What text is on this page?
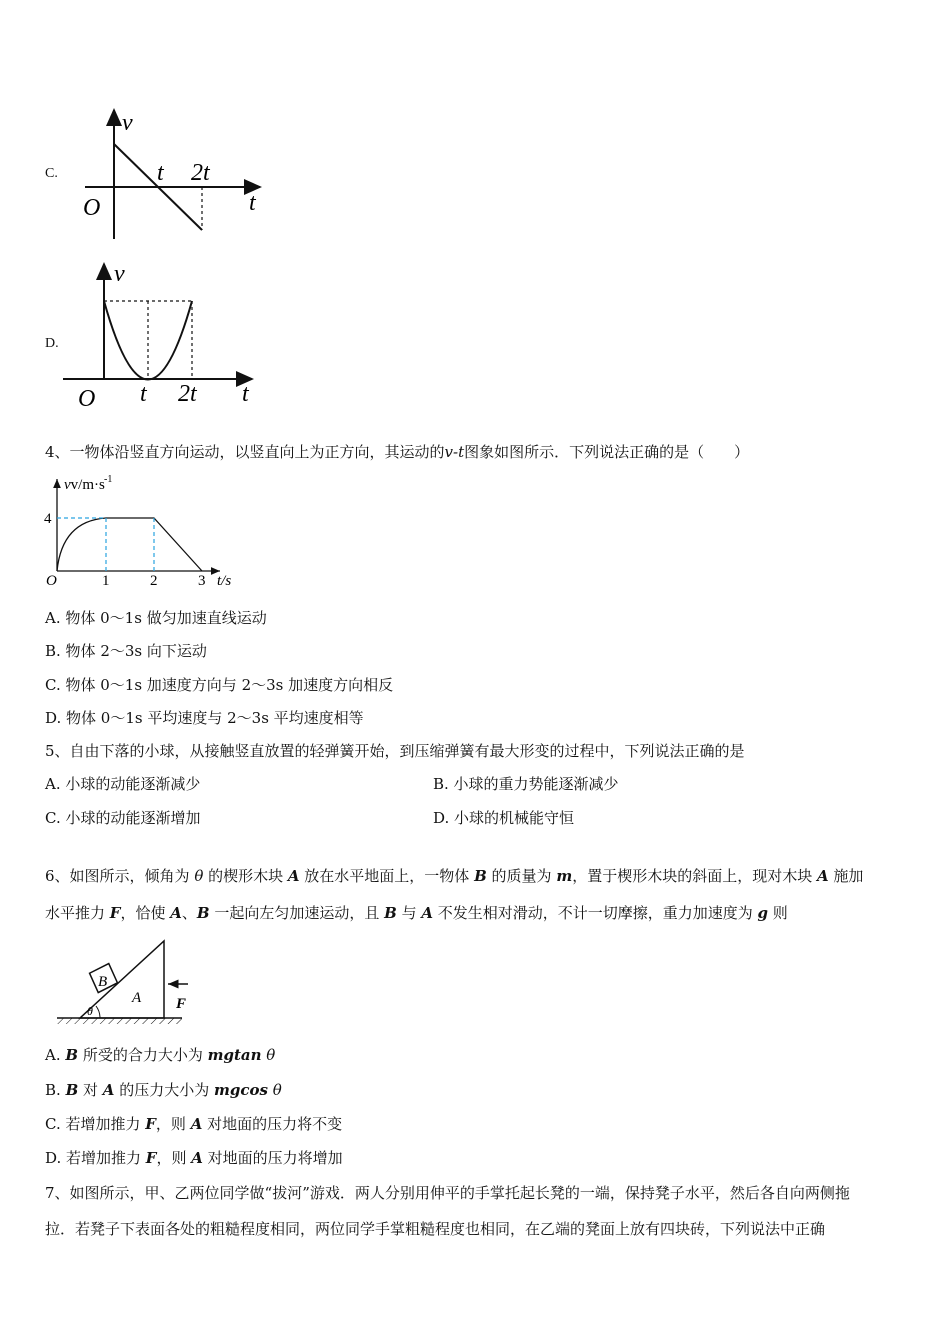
C.
v
O
t 2t
t
D.
v
O t 2t t
4、一物体沿竖直方向运动，以竖直向上为正方向，其运动的v-t图象如图所示．下列说法正确的是（　　）
vv/m·s -1
4
O	1	2	3 t/s
A. 物体 0～1s 做匀加速直线运动
B. 物体 2～3s 向下运动
C. 物体 0～1s 加速度方向与 2～3s 加速度方向相反
D. 物体 0～1s 平均速度与 2～3s 平均速度相等
5、自由下落的小球，从接触竖直放置的轻弹簧开始，到压缩弹簧有最大形变的过程中，下列说法正确的是
A. 小球的动能逐渐减少	B. 小球的重力势能逐渐减少
C. 小球的动能逐渐增加	D. 小球的机械能守恒
6、如图所示，倾角为 θ 的楔形木块 A 放在水平地面上，一物体 B 的质量为 m，置于楔形木块的斜面上，现对木块 A 施加
水平推力 F，恰使 A、B 一起向左匀加速运动，且 B 与 A 不发生相对滑动，不计一切摩擦，重力加速度为 g 则
B
A F
θ
A. B 所受的合力大小为 mgtan θ
B. B 对 A 的压力大小为 mgcos θ
C. 若增加推力 F，则 A 对地面的压力将不变
D. 若增加推力 F，则 A 对地面的压力将增加
7、如图所示，甲、乙两位同学做“拔河”游戏．两人分别用伸平的手掌托起长凳的一端，保持凳子水平，然后各自向两侧拖
拉．若凳子下表面各处的粗糙程度相同，两位同学手掌粗糙程度也相同，在乙端的凳面上放有四块砖，下列说法中正确
